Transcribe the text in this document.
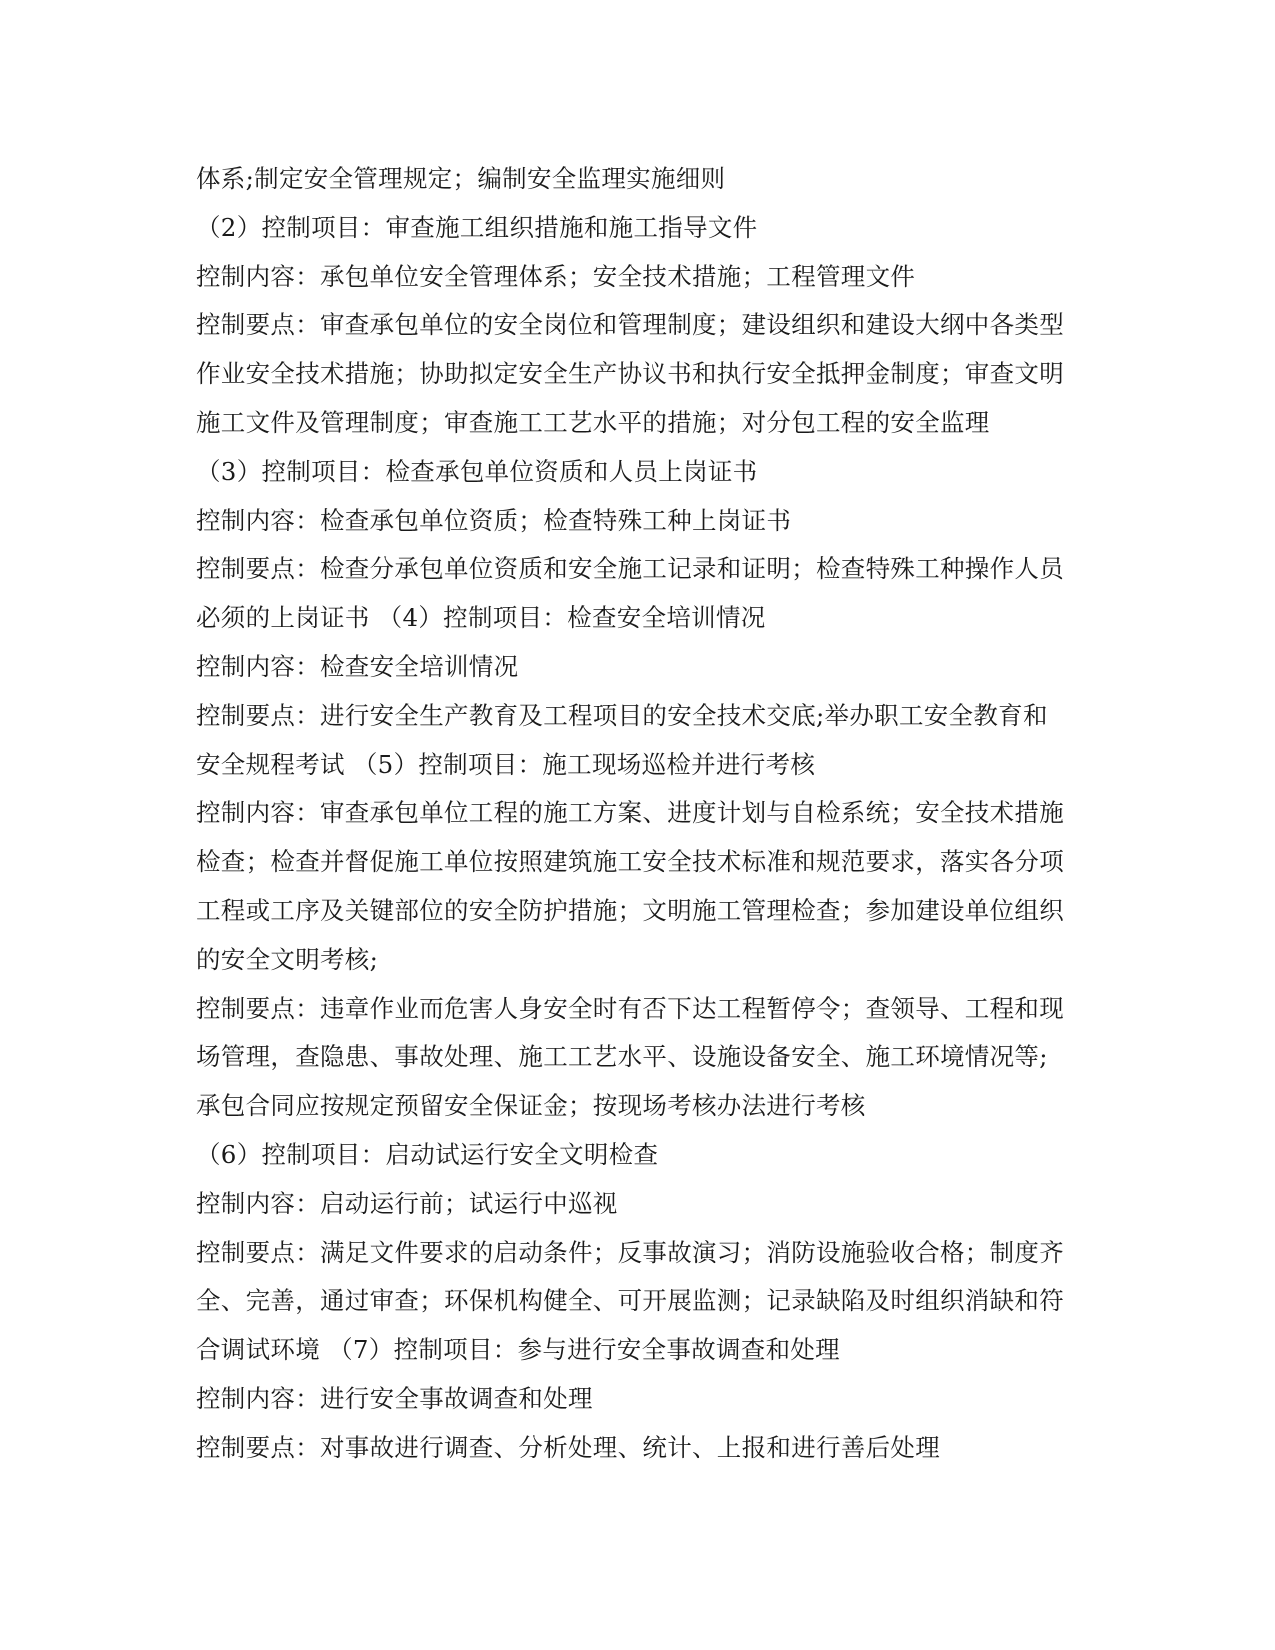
体系;制定安全管理规定；编制安全监理实施细则
（2）控制项目：审查施工组织措施和施工指导文件
控制内容：承包单位安全管理体系；安全技术措施；工程管理文件
控制要点：审查承包单位的安全岗位和管理制度；建设组织和建设大纲中各类型
作业安全技术措施；协助拟定安全生产协议书和执行安全抵押金制度；审查文明
施工文件及管理制度；审查施工工艺水平的措施；对分包工程的安全监理
（3）控制项目：检查承包单位资质和人员上岗证书
控制内容：检查承包单位资质；检查特殊工种上岗证书
控制要点：检查分承包单位资质和安全施工记录和证明；检查特殊工种操作人员
必须的上岗证书 （4）控制项目：检查安全培训情况
控制内容：检查安全培训情况
控制要点：进行安全生产教育及工程项目的安全技术交底;举办职工安全教育和
安全规程考试 （5）控制项目：施工现场巡检并进行考核
控制内容：审查承包单位工程的施工方案、进度计划与自检系统；安全技术措施
检查；检查并督促施工单位按照建筑施工安全技术标准和规范要求，落实各分项
工程或工序及关键部位的安全防护措施；文明施工管理检查；参加建设单位组织
的安全文明考核;
控制要点：违章作业而危害人身安全时有否下达工程暂停令；查领导、工程和现
场管理，查隐患、事故处理、施工工艺水平、设施设备安全、施工环境情况等;
承包合同应按规定预留安全保证金；按现场考核办法进行考核
（6）控制项目：启动试运行安全文明检查
控制内容：启动运行前；试运行中巡视
控制要点：满足文件要求的启动条件；反事故演习；消防设施验收合格；制度齐
全、完善，通过审查；环保机构健全、可开展监测；记录缺陷及时组织消缺和符
合调试环境 （7）控制项目：参与进行安全事故调查和处理
控制内容：进行安全事故调查和处理
控制要点：对事故进行调查、分析处理、统计、上报和进行善后处理
